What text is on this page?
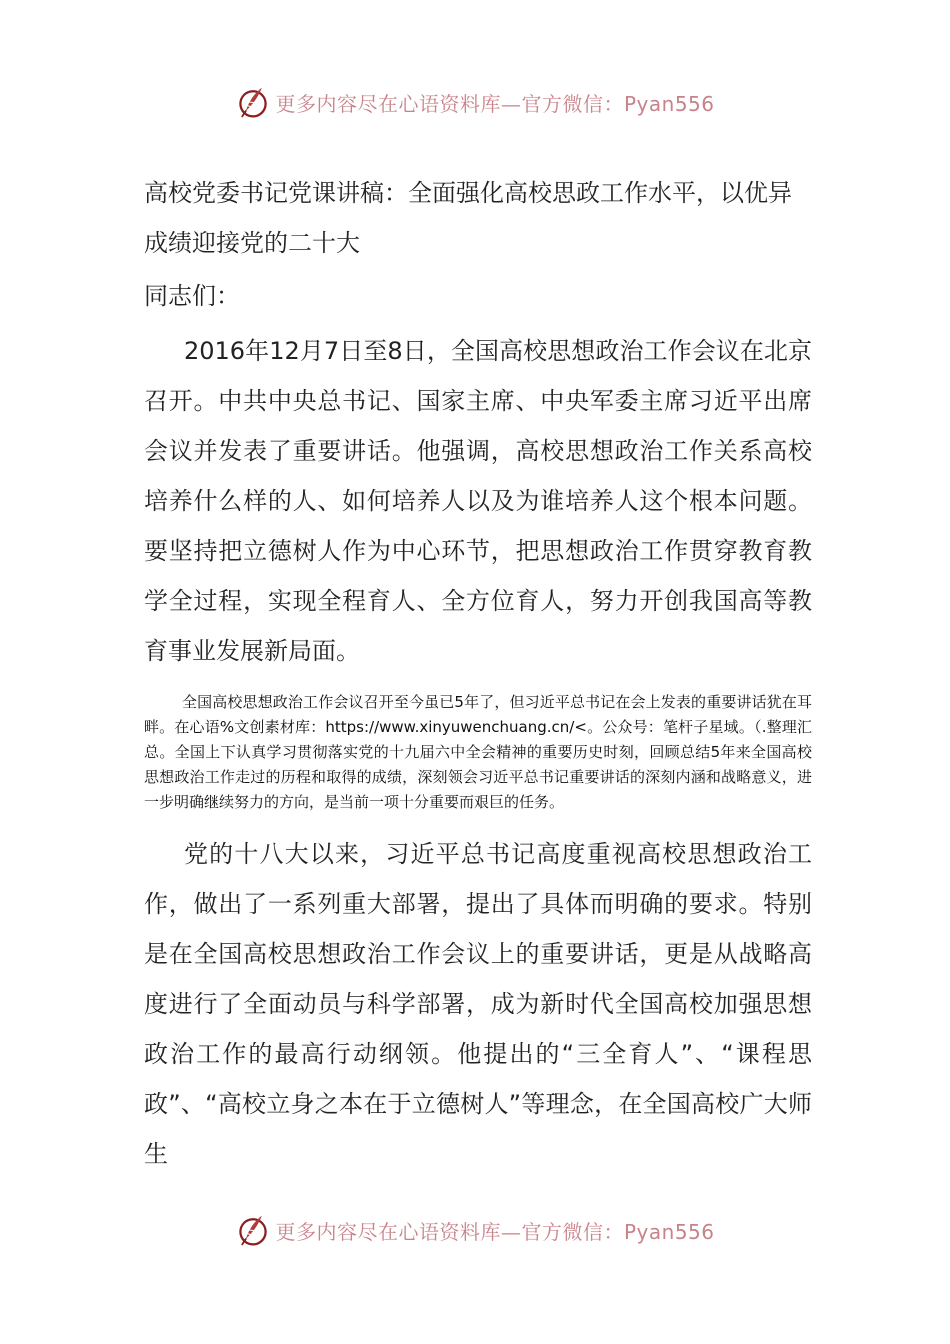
更多内容尽在心语资料库—官方微信：Pyan556
高校党委书记党课讲稿：全面强化高校思政工作水平，以优异成绩迎接党的二十大

同志们：

2016年12月7日至8日，全国高校思想政治工作会议在北京召开。中共中央总书记、国家主席、中央军委主席习近平出席会议并发表了重要讲话。他强调，高校思想政治工作关系高校培养什么样的人、如何培养人以及为谁培养人这个根本问题。要坚持把立德树人作为中心环节，把思想政治工作贯穿教育教学全过程，实现全程育人、全方位育人，努力开创我国高等教育事业发展新局面。

全国高校思想政治工作会议召开至今虽已5年了，但习近平总书记在会上发表的重要讲话犹在耳畔。在心语%文创素材库：https://www.xinyuwenchuang.cn/<。公众号：笔杆子星域。（.整理汇总。全国上下认真学习贯彻落实党的十九届六中全会精神的重要历史时刻，回顾总结5年来全国高校思想政治工作走过的历程和取得的成绩，深刻领会习近平总书记重要讲话的深刻内涵和战略意义，进一步明确继续努力的方向，是当前一项十分重要而艰巨的任务。

党的十八大以来，习近平总书记高度重视高校思想政治工作，做出了一系列重大部署，提出了具体而明确的要求。特别是在全国高校思想政治工作会议上的重要讲话，更是从战略高度进行了全面动员与科学部署，成为新时代全国高校加强思想政治工作的最高行动纲领。他提出的“三全育人”、“课程思政”、“高校立身之本在于立德树人”等理念，在全国高校广大师生

更多内容尽在心语资料库—官方微信：Pyan556
